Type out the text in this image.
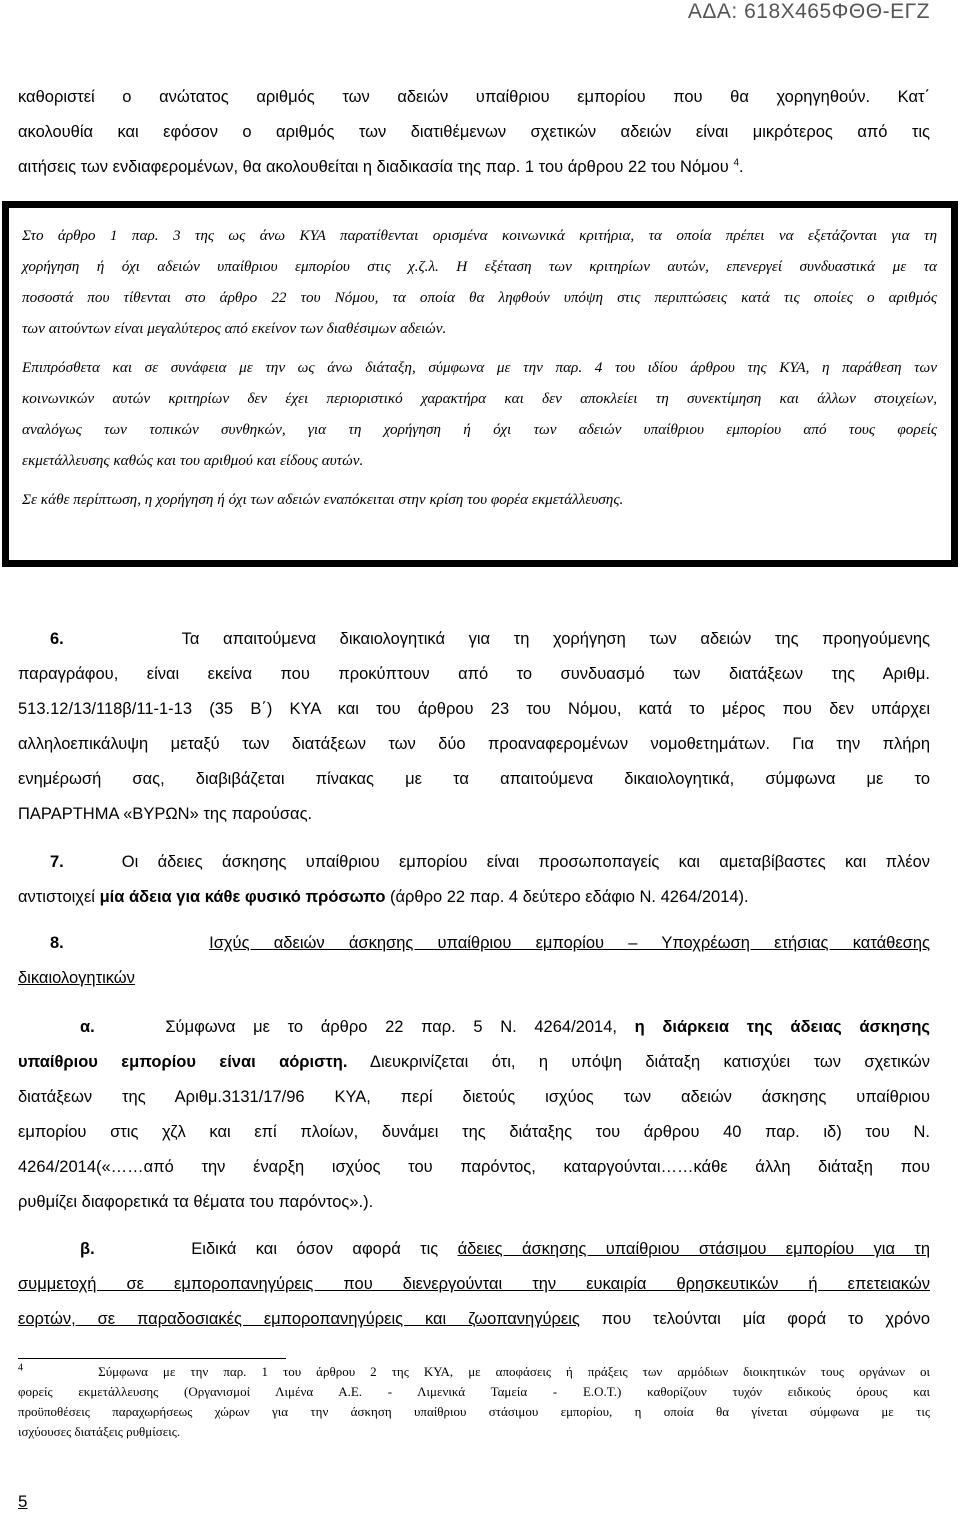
ΑΔΑ: 618Χ465ΦΘΘ-ΕΓΖ
καθοριστεί ο ανώτατος αριθμός των αδειών υπαίθριου εμπορίου που θα χορηγηθούν. Κατ΄
ακολουθία και εφόσον ο αριθμός των διατιθέμενων σχετικών αδειών είναι μικρότερος από τις
αιτήσεις των ενδιαφερομένων, θα ακολουθείται η διαδικασία της παρ. 1 του άρθρου 22 του Νόμου $^4$.

Στο άρθρο 1 παρ. 3 της ως άνω ΚΥΑ παρατίθενται ορισμένα κοινωνικά κριτήρια, τα οποία πρέπει να εξετάζονται για τη
χορήγηση ή όχι αδειών υπαίθριου εμπορίου στις χ.ζ.λ. Η εξέταση των κριτηρίων αυτών, επενεργεί συνδυαστικά με τα
ποσοστά που τίθενται στο άρθρο 22 του Νόμου, τα οποία θα ληφθούν υπόψη στις περιπτώσεις κατά τις οποίες ο αριθμός
των αιτούντων είναι μεγαλύτερος από εκείνον των διαθέσιμων αδειών.

Επιπρόσθετα και σε συνάφεια με την ως άνω διάταξη, σύμφωνα με την παρ. 4 του ιδίου άρθρου της ΚΥΑ, η παράθεση των
κοινωνικών αυτών κριτηρίων δεν έχει περιοριστικό χαρακτήρα και δεν αποκλείει τη συνεκτίμηση και άλλων στοιχείων,
αναλόγως των τοπικών συνθηκών, για τη χορήγηση ή όχι των αδειών υπαίθριου εμπορίου από τους φορείς
εκμετάλλευσης καθώς και του αριθμού και είδους αυτών.

Σε κάθε περίπτωση, η χορήγηση ή όχι των αδειών εναπόκειται στην κρίση του φορέα εκμετάλλευσης.

6.	Τα απαιτούμενα δικαιολογητικά για τη χορήγηση των αδειών της προηγούμενης
παραγράφου, είναι εκείνα που προκύπτουν από το συνδυασμό των διατάξεων της Αριθμ.
513.12/13/118β/11-1-13 (35 Β΄) ΚΥΑ και του άρθρου 23 του Νόμου, κατά το μέρος που δεν υπάρχει
αλληλοεπικάλυψη μεταξύ των διατάξεων των δύο προαναφερομένων νομοθετημάτων. Για την πλήρη
ενημέρωσή σας, διαβιβάζεται πίνακας με τα απαιτούμενα δικαιολογητικά, σύμφωνα με το
ΠΑΡΑΡΤΗΜΑ «ΒΥΡΩΝ» της παρούσας.
7.	Οι άδειες άσκησης υπαίθριου εμπορίου είναι προσωποπαγείς και αμεταβίβαστες και πλέον
αντιστοιχεί μία άδεια για κάθε φυσικό πρόσωπο (άρθρο 22 παρ. 4 δεύτερο εδάφιο Ν. 4264/2014).
8.	Ισχύς αδειών άσκησης υπαίθριου εμπορίου – Υποχρέωση ετήσιας κατάθεσης
δικαιολογητικών
α.	Σύμφωνα με το άρθρο 22 παρ. 5 Ν. 4264/2014, η διάρκεια της άδειας άσκησης
υπαίθριου εμπορίου είναι αόριστη. Διευκρινίζεται ότι, η υπόψη διάταξη κατισχύει των σχετικών
διατάξεων της Αριθμ.3131/17/96 ΚΥΑ, περί διετούς ισχύος των αδειών άσκησης υπαίθριου
εμπορίου στις χζλ και επί πλοίων, δυνάμει της διάταξης του άρθρου 40 παρ. ιδ) του Ν.
4264/2014(«……από την έναρξη ισχύος του παρόντος, καταργούνται……κάθε άλλη διάταξη που
ρυθμίζει διαφορετικά τα θέματα του παρόντος».).
β.	Ειδικά και όσον αφορά τις άδειες άσκησης υπαίθριου στάσιμου εμπορίου για τη
συμμετοχή σε εμποροπανηγύρεις που διενεργούνται την ευκαιρία θρησκευτικών ή επετειακών
εορτών, σε παραδοσιακές εμποροπανηγύρεις και ζωοπανηγύρεις που τελούνται μία φορά το χρόνο
$^4$	Σύμφωνα με την παρ. 1 του άρθρου 2 της ΚΥΑ, με αποφάσεις ή πράξεις των αρμόδιων διοικητικών τους οργάνων οι
φορείς εκμετάλλευσης (Οργανισμοί Λιμένα Α.Ε. - Λιμενικά Ταμεία - Ε.Ο.Τ.) καθορίζουν τυχόν ειδικούς όρους και
προϋποθέσεις παραχωρήσεως χώρων για την άσκηση υπαίθριου στάσιμου εμπορίου, η οποία θα γίνεται σύμφωνα με τις
ισχύουσες διατάξεις ρυθμίσεις.
5
